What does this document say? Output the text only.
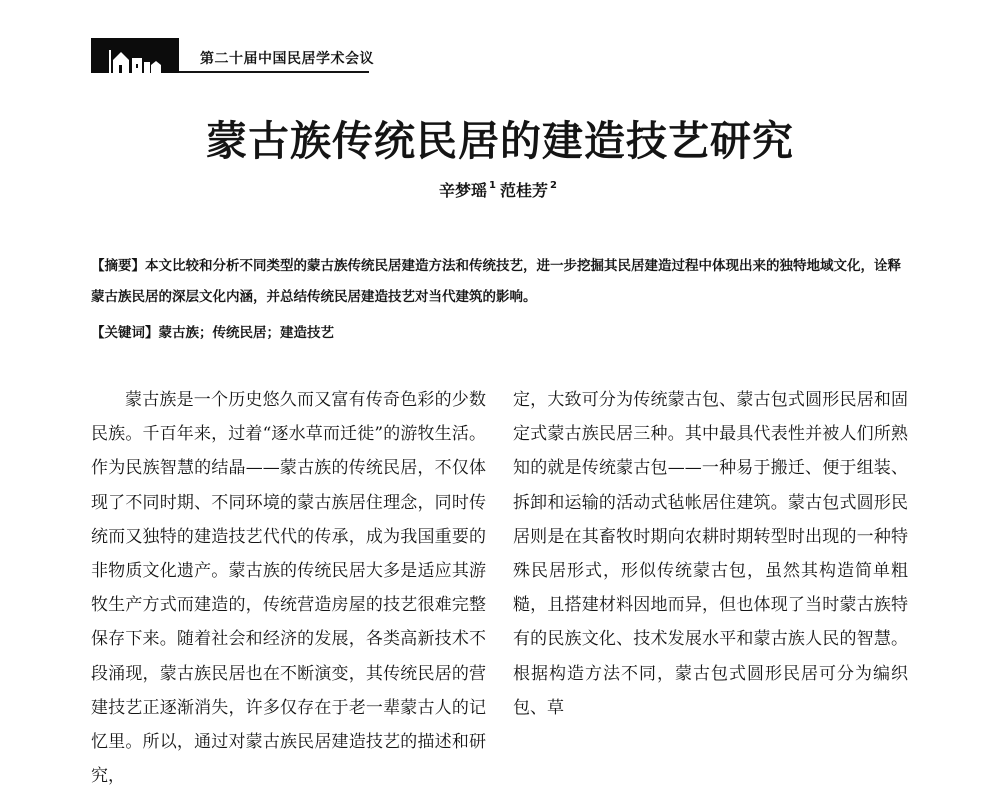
第二十届中国民居学术会议
蒙古族传统民居的建造技艺研究
辛梦瑶 $^1$ 范桂芳 $^2$
【摘要】本文比较和分析不同类型的蒙古族传统民居建造方法和传统技艺，进一步挖掘其民居建造过程中体现出来的独特地域文化，诠释蒙古族民居的深层文化内涵，并总结传统民居建造技艺对当代建筑的影响。
【关键词】蒙古族；传统民居；建造技艺
蒙古族是一个历史悠久而又富有传奇色彩的少数民族。千百年来，过着“逐水草而迁徙”的游牧生活。作为民族智慧的结晶——蒙古族的传统民居，不仅体现了不同时期、不同环境的蒙古族居住理念，同时传统而又独特的建造技艺代代的传承，成为我国重要的非物质文化遗产。蒙古族的传统民居大多是适应其游牧生产方式而建造的，传统营造房屋的技艺很难完整保存下来。随着社会和经济的发展，各类高新技术不段涌现，蒙古族民居也在不断演变，其传统民居的营建技艺正逐渐消失，许多仅存在于老一辈蒙古人的记忆里。所以，通过对蒙古族民居建造技艺的描述和研究，
定，大致可分为传统蒙古包、蒙古包式圆形民居和固定式蒙古族民居三种。其中最具代表性并被人们所熟知的就是传统蒙古包——一种易于搬迁、便于组装、拆卸和运输的活动式毡帐居住建筑。蒙古包式圆形民居则是在其畜牧时期向农耕时期转型时出现的一种特殊民居形式，形似传统蒙古包，虽然其构造简单粗糙，且搭建材料因地而异，但也体现了当时蒙古族特有的民族文化、技术发展水平和蒙古族人民的智慧。根据构造方法不同，蒙古包式圆形民居可分为编织包、草
